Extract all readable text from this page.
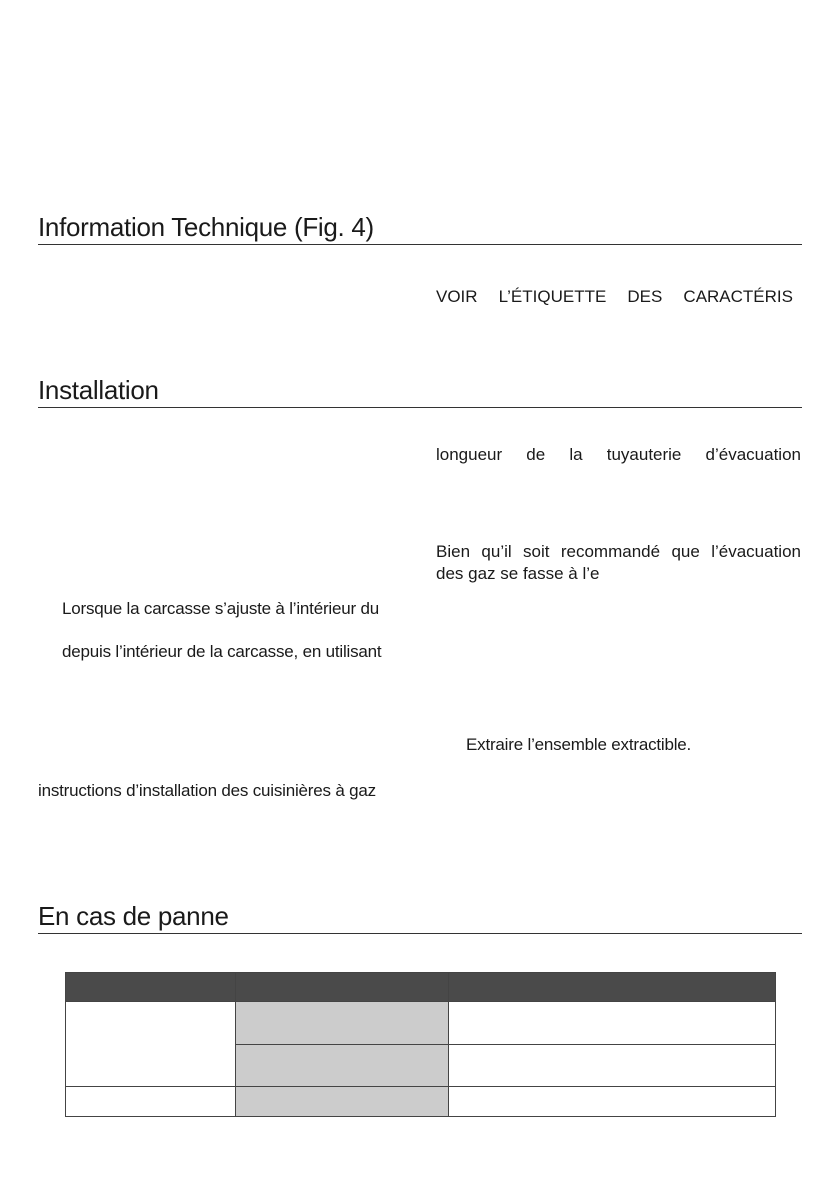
Information Technique (Fig. 4)
VOIR L’ÉTIQUETTE DES CARACTÉRIS
Installation
longueur de la tuyauterie d’évacuation
Bien qu’il soit recommandé que l’évacuation
des gaz se fasse à l’e
Lorsque la carcasse s’ajuste à l’intérieur du
depuis l’intérieur de la carcasse, en utilisant
Extraire l’ensemble extractible.
instructions d’installation des cuisinières à gaz
En cas de panne
